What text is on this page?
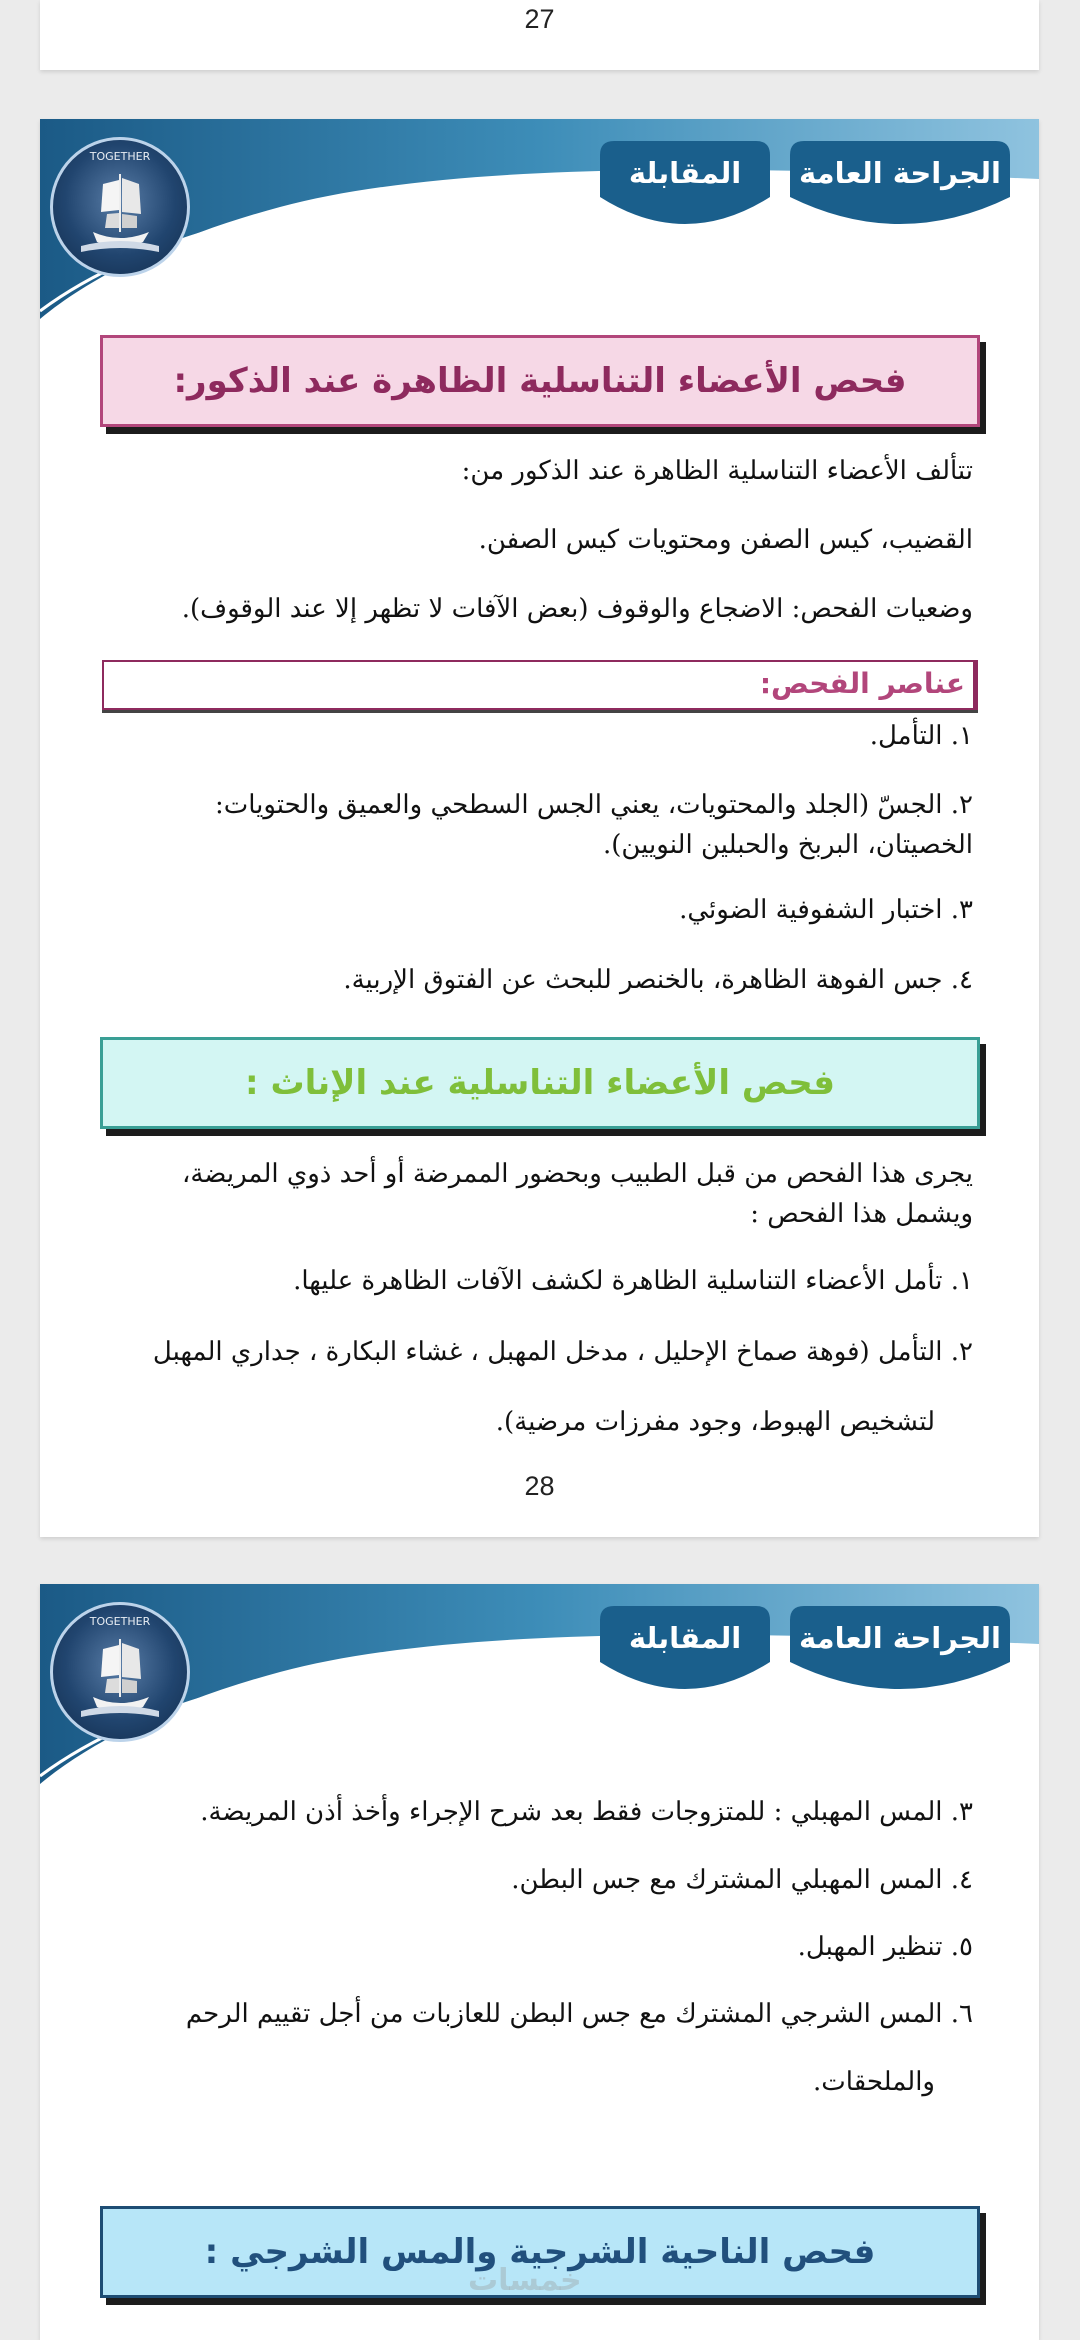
27
TOGETHER	المقابلة	الجراحة العامة
فحص الأعضاء التناسلية الظاهرة عند الذكور:
تتألف الأعضاء التناسلية الظاهرة عند الذكور من:
القضيب، كيس الصفن ومحتويات كيس الصفن.
وضعيات الفحص: الاضجاع والوقوف (بعض الآفات لا تظهر إلا عند الوقوف).
عناصر الفحص:
١. التأمل.
٢. الجسّ (الجلد والمحتويات، يعني الجس السطحي والعميق والحتويات:
الخصيتان، البربخ والحبلين النويين).
٣. اختبار الشفوفية الضوئي.
٤. جس الفوهة الظاهرة، بالخنصر للبحث عن الفتوق الإربية.
فحص الأعضاء التناسلية عند الإناث :
يجرى هذا الفحص من قبل الطبيب وبحضور الممرضة أو أحد ذوي المريضة،
ويشمل هذا الفحص :
١. تأمل الأعضاء التناسلية الظاهرة لكشف الآفات الظاهرة عليها.
٢. التأمل (فوهة صماخ الإحليل ، مدخل المهبل ، غشاء البكارة ، جداري المهبل
لتشخيص الهبوط، وجود مفرزات مرضية).
28
TOGETHER	المقابلة	الجراحة العامة
٣. المس المهبلي : للمتزوجات فقط بعد شرح الإجراء وأخذ أذن المريضة.
٤. المس المهبلي المشترك مع جس البطن.
٥. تنظير المهبل.
٦. المس الشرجي المشترك مع جس البطن للعازبات من أجل تقييم الرحم
والملحقات.
فحص الناحية الشرجية والمس الشرجي :
خمسات
